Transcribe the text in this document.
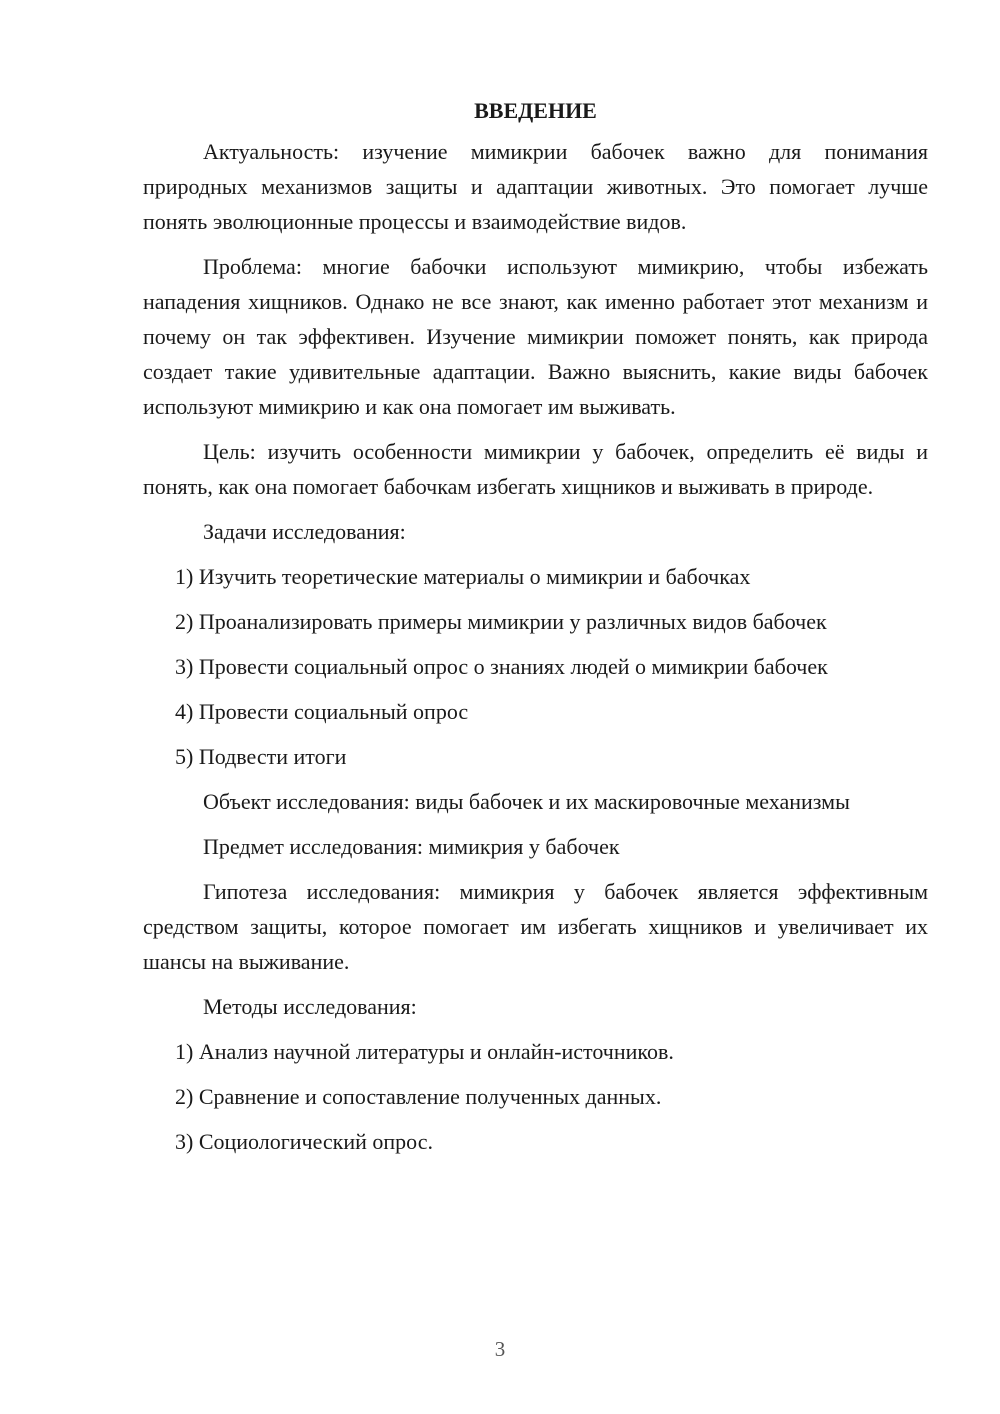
ВВЕДЕНИЕ

Актуальность: изучение мимикрии бабочек важно для понимания природных механизмов защиты и адаптации животных. Это помогает лучше понять эволюционные процессы и взаимодействие видов.

Проблема: многие бабочки используют мимикрию, чтобы избежать нападения хищников. Однако не все знают, как именно работает этот механизм и почему он так эффективен. Изучение мимикрии поможет понять, как природа создает такие удивительные адаптации. Важно выяснить, какие виды бабочек используют мимикрию и как она помогает им выживать.

Цель: изучить особенности мимикрии у бабочек, определить её виды и понять, как она помогает бабочкам избегать хищников и выживать в природе.

Задачи исследования:

1) Изучить теоретические материалы о мимикрии и бабочках
2) Проанализировать примеры мимикрии у различных видов бабочек
3) Провести социальный опрос о знаниях людей о мимикрии бабочек
4) Провести социальный опрос
5) Подвести итоги

Объект исследования: виды бабочек и их маскировочные механизмы

Предмет исследования: мимикрия у бабочек

Гипотеза исследования: мимикрия у бабочек является эффективным средством защиты, которое помогает им избегать хищников и увеличивает их шансы на выживание.

Методы исследования:

1) Анализ научной литературы и онлайн-источников.
2) Сравнение и сопоставление полученных данных.
3) Социологический опрос.
3
